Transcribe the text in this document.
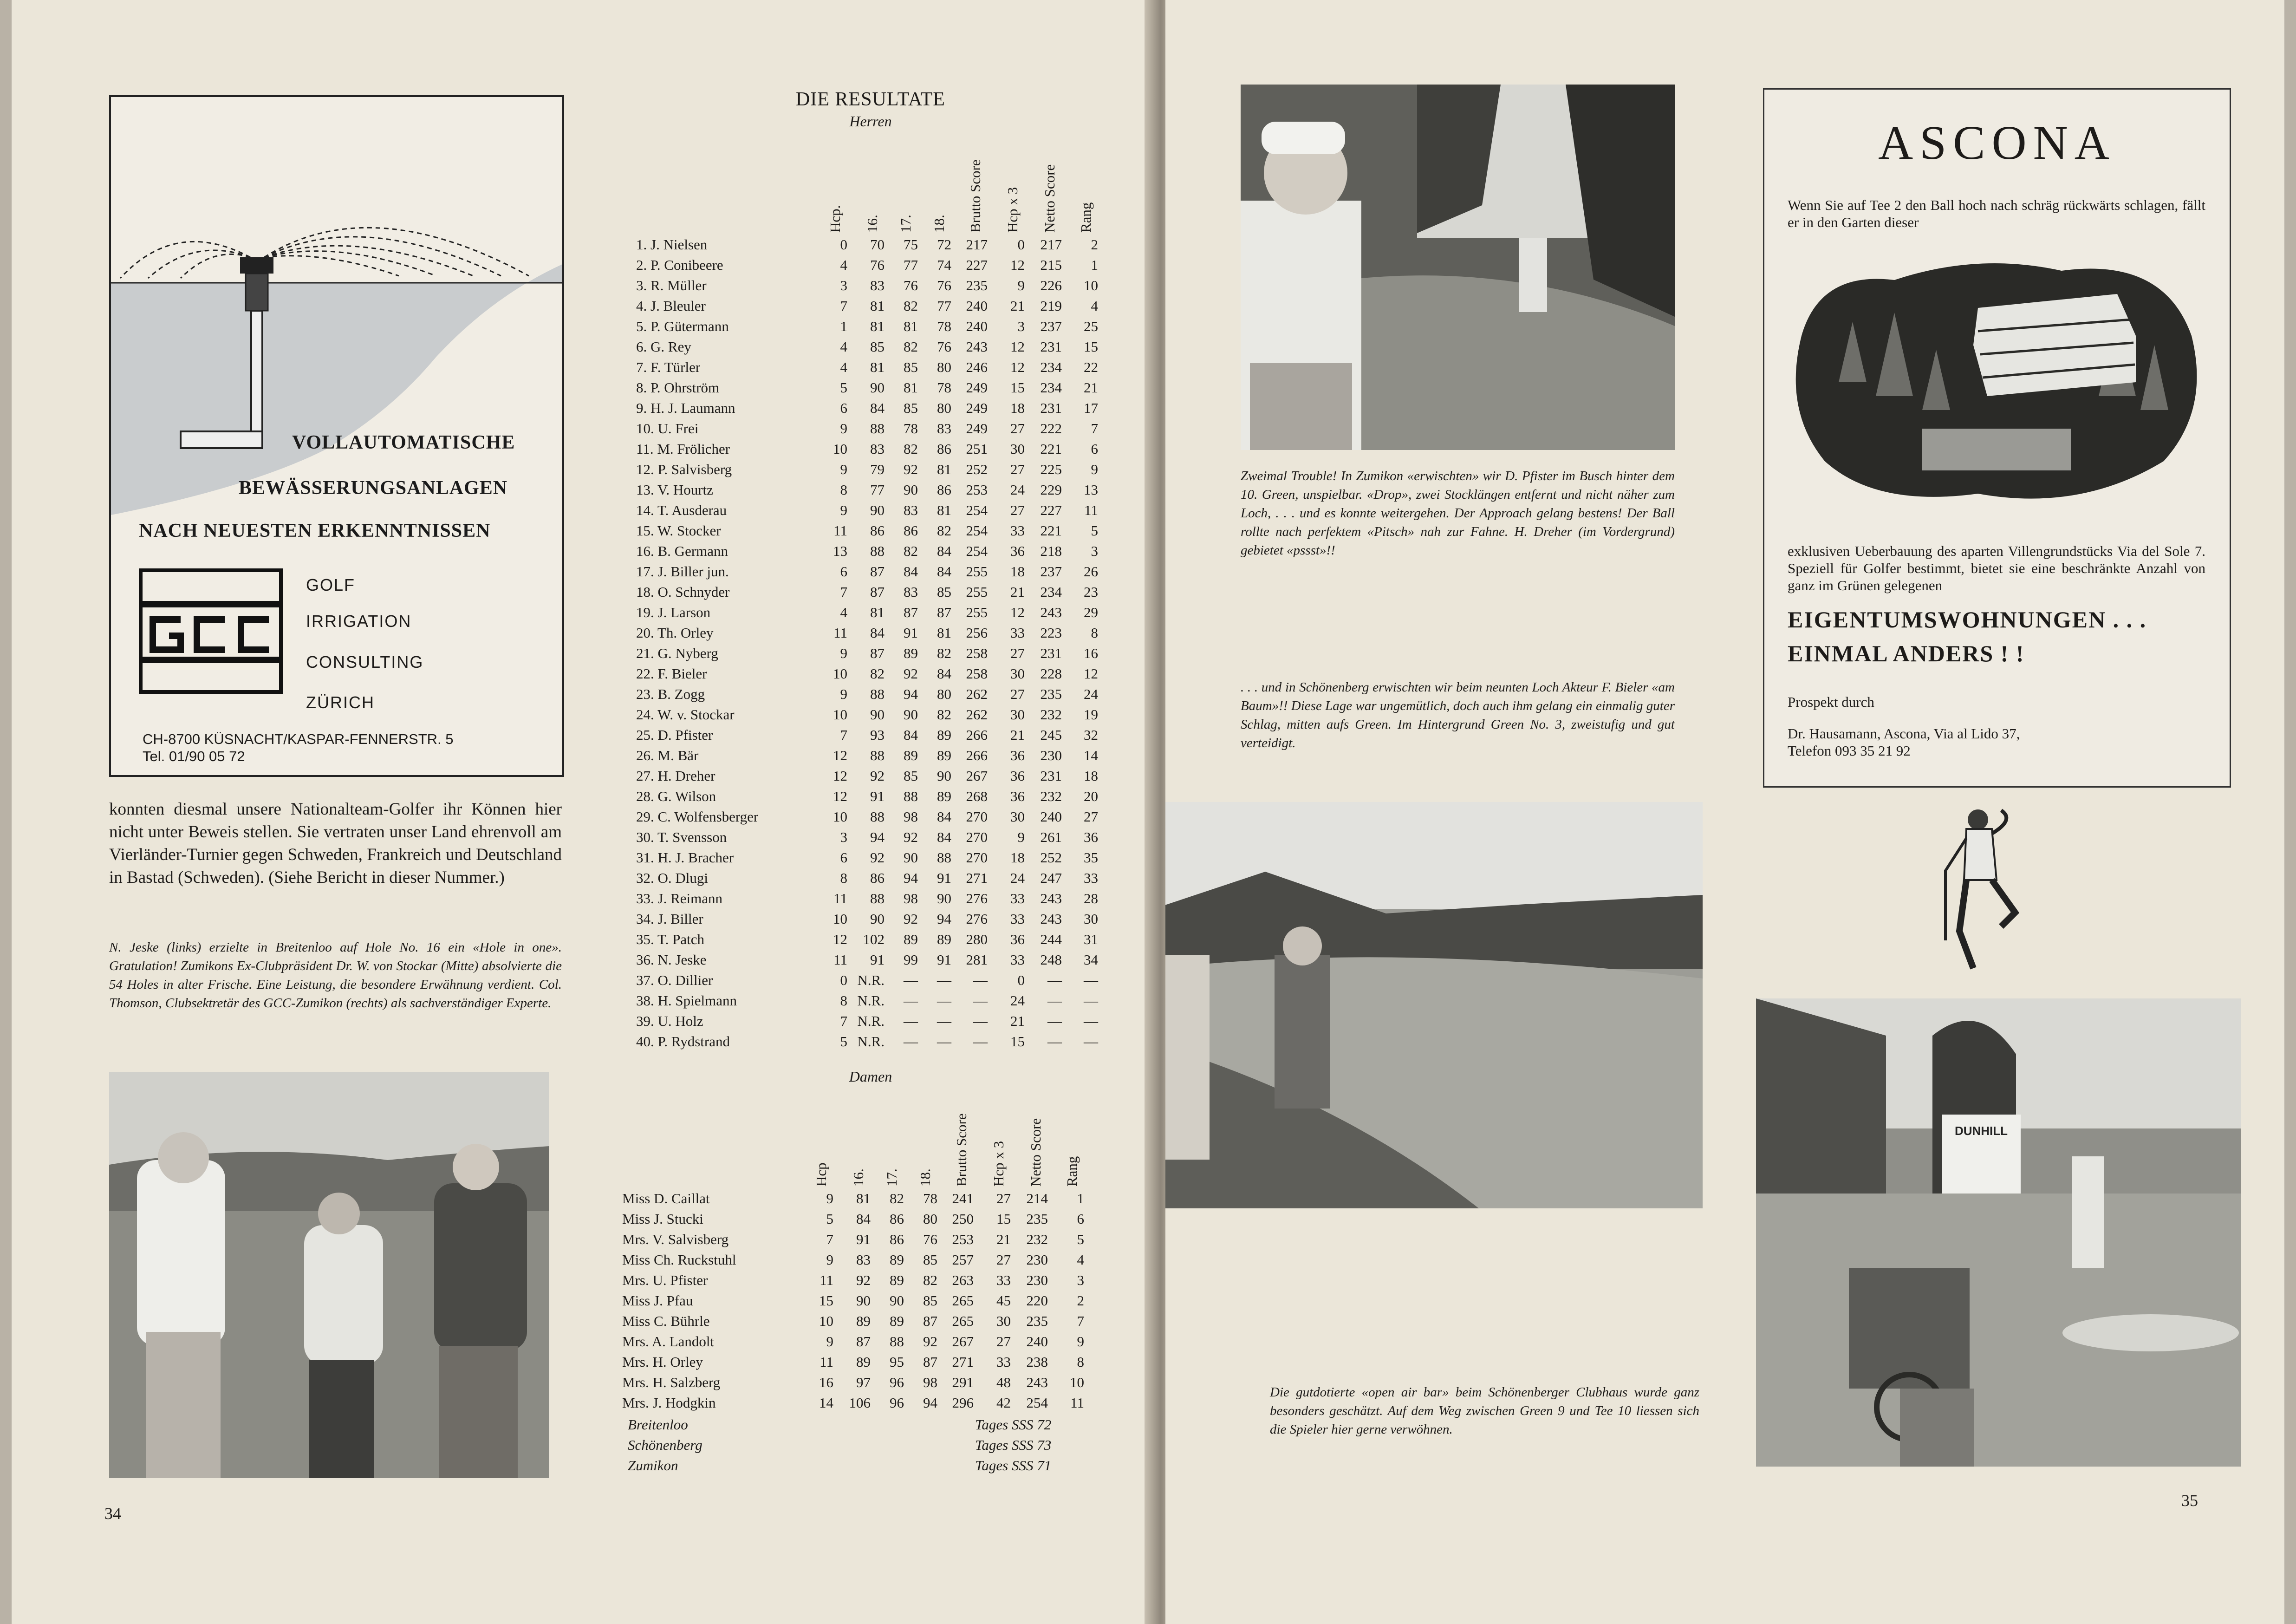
VOLLAUTOMATISCHE
BEWÄSSERUNGSANLAGEN
NACH NEUESTEN ERKENNTNISSEN
GOLF
IRRIGATION
CONSULTING
ZÜRICH
CH-8700 KÜSNACHT/KASPAR-FENNERSTR. 5
Tel. 01/90 05 72
konnten diesmal unsere Nationalteam-Golfer ihr Können hier nicht unter Beweis stellen. Sie vertraten unser Land ehrenvoll am Vierländer-Turnier gegen Schweden, Frankreich und Deutschland in Bastad (Schweden). (Siehe Bericht in dieser Nummer.)
N. Jeske (links) erzielte in Breitenloo auf Hole No. 16 ein «Hole in one». Gratulation! Zumikons Ex-Clubpräsident Dr. W. von Stockar (Mitte) absolvierte die 54 Holes in alter Frische. Eine Leistung, die besondere Erwähnung verdient. Col. Thomson, Clubsektretär des GCC-Zumikon (rechts) als sachverständiger Experte.
DIE RESULTATE
Herren
Hcp. 16. 17. 18. Brutto Score Hcp x 3 Netto Score Rang
1. J. Nielsen	0	70	75	72	217	0	217	2
2. P. Conibeere	4	76	77	74	227	12	215	1
3. R. Müller	3	83	76	76	235	9	226	10
4. J. Bleuler	7	81	82	77	240	21	219	4
5. P. Gütermann	1	81	81	78	240	3	237	25
6. G. Rey	4	85	82	76	243	12	231	15
7. F. Türler	4	81	85	80	246	12	234	22
8. P. Ohrström	5	90	81	78	249	15	234	21
9. H. J. Laumann	6	84	85	80	249	18	231	17
10. U. Frei	9	88	78	83	249	27	222	7
11. M. Frölicher	10	83	82	86	251	30	221	6
12. P. Salvisberg	9	79	92	81	252	27	225	9
13. V. Hourtz	8	77	90	86	253	24	229	13
14. T. Ausderau	9	90	83	81	254	27	227	11
15. W. Stocker	11	86	86	82	254	33	221	5
16. B. Germann	13	88	82	84	254	36	218	3
17. J. Biller jun.	6	87	84	84	255	18	237	26
18. O. Schnyder	7	87	83	85	255	21	234	23
19. J. Larson	4	81	87	87	255	12	243	29
20. Th. Orley	11	84	91	81	256	33	223	8
21. G. Nyberg	9	87	89	82	258	27	231	16
22. F. Bieler	10	82	92	84	258	30	228	12
23. B. Zogg	9	88	94	80	262	27	235	24
24. W. v. Stockar	10	90	90	82	262	30	232	19
25. D. Pfister	7	93	84	89	266	21	245	32
26. M. Bär	12	88	89	89	266	36	230	14
27. H. Dreher	12	92	85	90	267	36	231	18
28. G. Wilson	12	91	88	89	268	36	232	20
29. C. Wolfensberger	10	88	98	84	270	30	240	27
30. T. Svensson	3	94	92	84	270	9	261	36
31. H. J. Bracher	6	92	90	88	270	18	252	35
32. O. Dlugi	8	86	94	91	271	24	247	33
33. J. Reimann	11	88	98	90	276	33	243	28
34. J. Biller	10	90	92	94	276	33	243	30
35. T. Patch	12	102	89	89	280	36	244	31
36. N. Jeske	11	91	99	91	281	33	248	34
37. O. Dillier	0	N.R.	—	—	—	0	—	—
38. H. Spielmann	8	N.R.	—	—	—	24	—	—
39. U. Holz	7	N.R.	—	—	—	21	—	—
40. P. Rydstrand	5	N.R.	—	—	—	15	—	—
Damen
Hcp 16. 17. 18. Brutto Score Hcp x 3 Netto Score Rang
Miss D. Caillat	9	81	82	78	241	27	214	1
Miss J. Stucki	5	84	86	80	250	15	235	6
Mrs. V. Salvisberg	7	91	86	76	253	21	232	5
Miss Ch. Ruckstuhl	9	83	89	85	257	27	230	4
Mrs. U. Pfister	11	92	89	82	263	33	230	3
Miss J. Pfau	15	90	90	85	265	45	220	2
Miss C. Bührle	10	89	89	87	265	30	235	7
Mrs. A. Landolt	9	87	88	92	267	27	240	9
Mrs. H. Orley	11	89	95	87	271	33	238	8
Mrs. H. Salzberg	16	97	96	98	291	48	243	10
Mrs. J. Hodgkin	14	106	96	94	296	42	254	11
Breitenloo	Tages SSS 72
Schönenberg	Tages SSS 73
Zumikon	Tages SSS 71
34
Zweimal Trouble! In Zumikon «erwischten» wir D. Pfister im Busch hinter dem 10. Green, unspielbar. «Drop», zwei Stocklängen entfernt und nicht näher zum Loch, . . . und es konnte weitergehen. Der Approach gelang bestens! Der Ball rollte nach perfektem «Pitsch» nah zur Fahne. H. Dreher (im Vordergrund) gebietet «pssst»!!
. . . und in Schönenberg erwischten wir beim neunten Loch Akteur F. Bieler «am Baum»!! Diese Lage war ungemütlich, doch auch ihm gelang ein einmalig guter Schlag, mitten aufs Green. Im Hintergrund Green No. 3, zweistufig und gut verteidigt.
Die gutdotierte «open air bar» beim Schönenberger Clubhaus wurde ganz besonders geschätzt. Auf dem Weg zwischen Green 9 und Tee 10 liessen sich die Spieler hier gerne verwöhnen.
ASCONA
Wenn Sie auf Tee 2 den Ball hoch nach schräg rückwärts schlagen, fällt er in den Garten dieser
exklusiven Ueberbauung des aparten Villengrundstücks Via del Sole 7. Speziell für Golfer bestimmt, bietet sie eine beschränkte Anzahl von ganz im Grünen gelegenen
EIGENTUMSWOHNUNGEN . . .
EINMAL ANDERS ! !
Prospekt durch
Dr. Hausamann, Ascona, Via al Lido 37,
Telefon 093 35 21 92
DUNHILL
35
